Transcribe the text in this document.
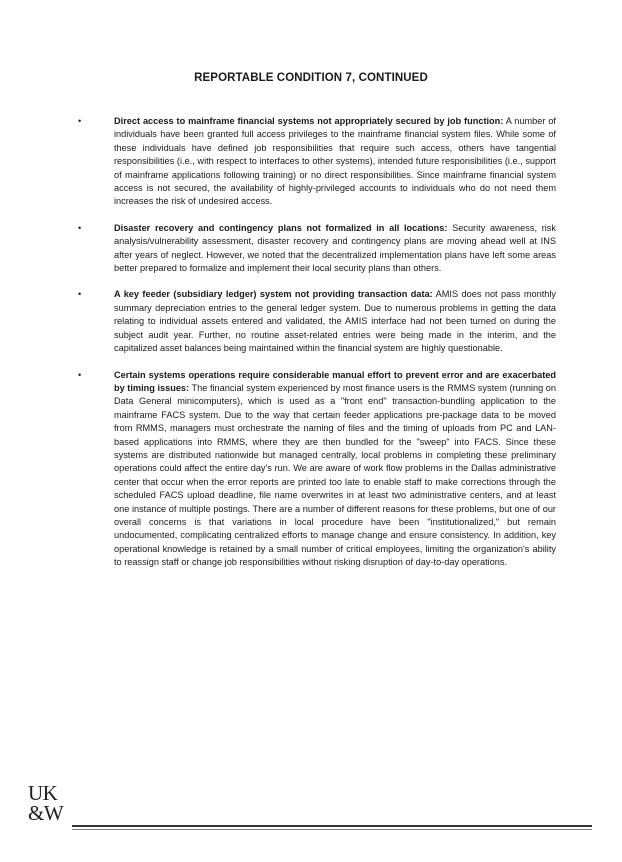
REPORTABLE CONDITION 7, CONTINUED
•	Direct access to mainframe financial systems not appropriately secured by job function: A number of individuals have been granted full access privileges to the mainframe financial system files. While some of these individuals have defined job responsibilities that require such access, others have tangential responsibilities (i.e., with respect to interfaces to other systems), intended future responsibilities (i.e., support of mainframe applications following training) or no direct responsibilities. Since mainframe financial system access is not secured, the availability of highly-privileged accounts to individuals who do not need them increases the risk of undesired access.
•	Disaster recovery and contingency plans not formalized in all locations: Security awareness, risk analysis/vulnerability assessment, disaster recovery and contingency plans are moving ahead well at INS after years of neglect. However, we noted that the decentralized implementation plans have left some areas better prepared to formalize and implement their local security plans than others.
•	A key feeder (subsidiary ledger) system not providing transaction data: AMIS does not pass monthly summary depreciation entries to the general ledger system. Due to numerous problems in getting the data relating to individual assets entered and validated, the AMIS interface had not been turned on during the subject audit year. Further, no routine asset-related entries were being made in the interim, and the capitalized asset balances being maintained within the financial system are highly questionable.
•	Certain systems operations require considerable manual effort to prevent error and are exacerbated by timing issues: The financial system experienced by most finance users is the RMMS system (running on Data General minicomputers), which is used as a "front end" transaction-bundling application to the mainframe FACS system. Due to the way that certain feeder applications pre-package data to be moved from RMMS, managers must orchestrate the naming of files and the timing of uploads from PC and LAN-based applications into RMMS, where they are then bundled for the "sweep" into FACS. Since these systems are distributed nationwide but managed centrally, local problems in completing these preliminary operations could affect the entire day's run. We are aware of work flow problems in the Dallas administrative center that occur when the error reports are printed too late to enable staff to make corrections through the scheduled FACS upload deadline, file name overwrites in at least two administrative centers, and at least one instance of multiple postings. There are a number of different reasons for these problems, but one of our overall concerns is that variations in local procedure have been "institutionalized," but remain undocumented, complicating centralized efforts to manage change and ensure consistency. In addition, key operational knowledge is retained by a small number of critical employees, limiting the organization's ability to reassign staff or change job responsibilities without risking disruption of day-to-day operations.
UK
&W
